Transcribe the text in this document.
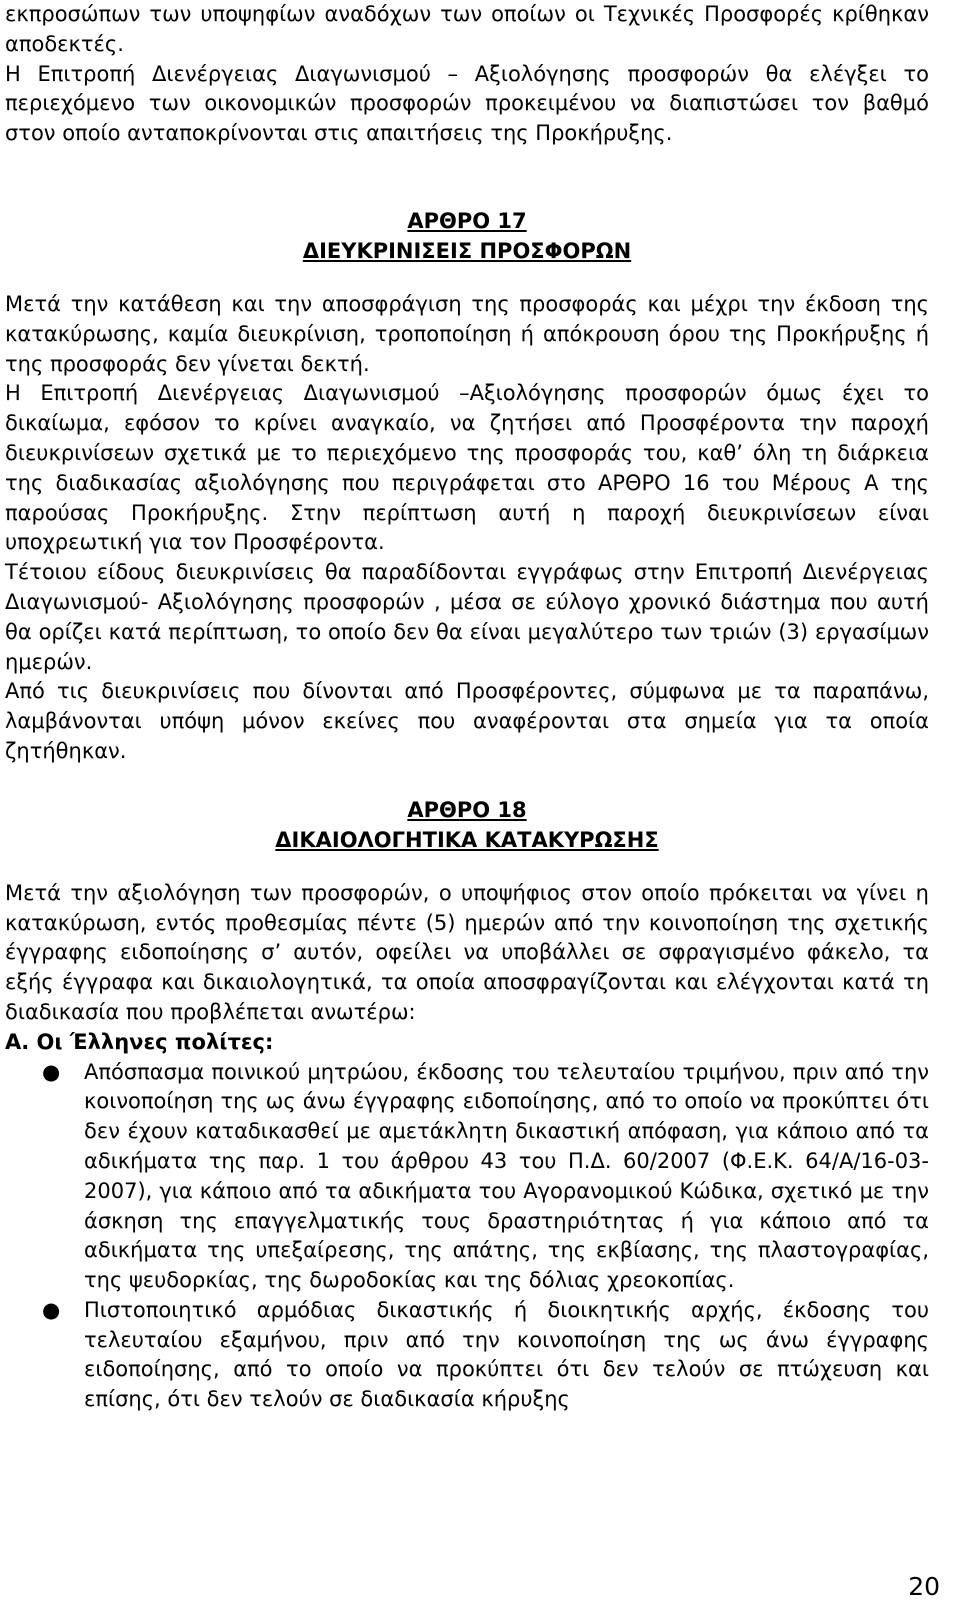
εκπροσώπων των υποψηφίων αναδόχων των οποίων οι Τεχνικές Προσφορές κρίθηκαν αποδεκτές.

Η Επιτροπή Διενέργειας Διαγωνισμού – Αξιολόγησης προσφορών θα ελέγξει το περιεχόμενο των οικονομικών προσφορών προκειμένου να διαπιστώσει τον βαθμό στον οποίο ανταποκρίνονται στις απαιτήσεις της Προκήρυξης.

ΑΡΘΡΟ 17
ΔΙΕΥΚΡΙΝΙΣΕΙΣ ΠΡΟΣΦΟΡΩΝ

Μετά την κατάθεση και την αποσφράγιση της προσφοράς και μέχρι την έκδοση της κατακύρωσης, καμία διευκρίνιση, τροποποίηση ή απόκρουση όρου της Προκήρυξης ή της προσφοράς δεν γίνεται δεκτή.

Η Επιτροπή Διενέργειας Διαγωνισμού –Αξιολόγησης προσφορών όμως έχει το δικαίωμα, εφόσον το κρίνει αναγκαίο, να ζητήσει από Προσφέροντα την παροχή διευκρινίσεων σχετικά με το περιεχόμενο της προσφοράς του, καθ’ όλη τη διάρκεια της διαδικασίας αξιολόγησης που περιγράφεται στο ΑΡΘΡΟ 16 του Μέρους Α της παρούσας Προκήρυξης. Στην περίπτωση αυτή η παροχή διευκρινίσεων είναι υποχρεωτική για τον Προσφέροντα.

Τέτοιου είδους διευκρινίσεις θα παραδίδονται εγγράφως στην Επιτροπή Διενέργειας Διαγωνισμού- Αξιολόγησης προσφορών , μέσα σε εύλογο χρονικό διάστημα που αυτή θα ορίζει κατά περίπτωση, το οποίο δεν θα είναι μεγαλύτερο των τριών (3) εργασίμων ημερών.

Από τις διευκρινίσεις που δίνονται από Προσφέροντες, σύμφωνα με τα παραπάνω, λαμβάνονται υπόψη μόνον εκείνες που αναφέρονται στα σημεία για τα οποία ζητήθηκαν.

ΑΡΘΡΟ 18
ΔΙΚΑΙΟΛΟΓΗΤΙΚΑ ΚΑΤΑΚΥΡΩΣΗΣ

Μετά την αξιολόγηση των προσφορών, ο υποψήφιος στον οποίο πρόκειται να γίνει η κατακύρωση, εντός προθεσμίας πέντε (5) ημερών από την κοινοποίηση της σχετικής έγγραφης ειδοποίησης σ’ αυτόν, οφείλει να υποβάλλει σε σφραγισμένο φάκελο, τα εξής έγγραφα και δικαιολογητικά, τα οποία αποσφραγίζονται και ελέγχονται κατά τη διαδικασία που προβλέπεται ανωτέρω:

Α. Οι Έλληνες πολίτες:

● Απόσπασμα ποινικού μητρώου, έκδοσης του τελευταίου τριμήνου, πριν από την κοινοποίηση της ως άνω έγγραφης ειδοποίησης, από το οποίο να προκύπτει ότι δεν έχουν καταδικασθεί με αμετάκλητη δικαστική απόφαση, για κάποιο από τα αδικήματα της παρ. 1 του άρθρου 43 του Π.Δ. 60/2007 (Φ.Ε.Κ. 64/Α/16-03-2007), για κάποιο από τα αδικήματα του Αγορανομικού Κώδικα, σχετικό με την άσκηση της επαγγελματικής τους δραστηριότητας ή για κάποιο από τα αδικήματα της υπεξαίρεσης, της απάτης, της εκβίασης, της πλαστογραφίας, της ψευδορκίας, της δωροδοκίας και της δόλιας χρεοκοπίας.
● Πιστοποιητικό αρμόδιας δικαστικής ή διοικητικής αρχής, έκδοσης του τελευταίου εξαμήνου, πριν από την κοινοποίηση της ως άνω έγγραφης ειδοποίησης, από το οποίο να προκύπτει ότι δεν τελούν σε πτώχευση και επίσης, ότι δεν τελούν σε διαδικασία κήρυξης
20
